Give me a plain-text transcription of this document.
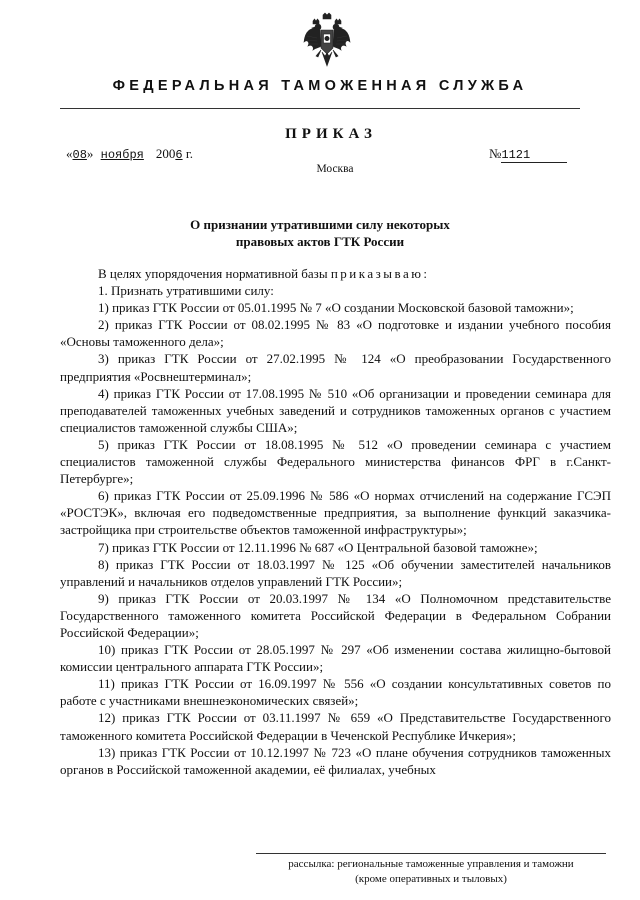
ФЕДЕРАЛЬНАЯ ТАМОЖЕННАЯ СЛУЖБА
ПРИКАЗ
«08» ноября 2006 г.	№1121
Москва
О признании утратившими силу некоторых
правовых актов ГТК России

В целях упорядочения нормативной базы приказываю:

1. Признать утратившими силу:

1) приказ ГТК России от 05.01.1995 № 7 «О создании Московской базовой таможни»;

2) приказ ГТК России от 08.02.1995 № 83 «О подготовке и издании учебного пособия «Основы таможенного дела»;

3) приказ ГТК России от 27.02.1995 № 124 «О преобразовании Государственного предприятия «Росвнештерминал»;

4) приказ ГТК России от 17.08.1995 № 510 «Об организации и проведении семинара для преподавателей таможенных учебных заведений и сотрудников таможенных органов с участием специалистов таможенной службы США»;

5) приказ ГТК России от 18.08.1995 № 512 «О проведении семинара с участием специалистов таможенной службы Федерального министерства финансов ФРГ в г.Санкт-Петербурге»;

6) приказ ГТК России от 25.09.1996 № 586 «О нормах отчислений на содержание ГСЭП «РОСТЭК», включая его подведомственные предприятия, за выполнение функций заказчика-застройщика при строительстве объектов таможенной инфраструктуры»;

7) приказ ГТК России от 12.11.1996 № 687 «О Центральной базовой таможне»;

8) приказ ГТК России от 18.03.1997 № 125 «Об обучении заместителей начальников управлений и начальников отделов управлений ГТК России»;

9) приказ ГТК России от 20.03.1997 № 134 «О Полномочном представительстве Государственного таможенного комитета Российской Федерации в Федеральном Собрании Российской Федерации»;

10) приказ ГТК России от 28.05.1997 № 297 «Об изменении состава жилищно-бытовой комиссии центрального аппарата ГТК России»;

11) приказ ГТК России от 16.09.1997 № 556 «О создании консультативных советов по работе с участниками внешнеэкономических связей»;

12) приказ ГТК России от 03.11.1997 № 659 «О Представительстве Государственного таможенного комитета Российской Федерации в Чеченской Республике Ичкерия»;

13) приказ ГТК России от 10.12.1997 № 723 «О плане обучения сотрудников таможенных органов в Российской таможенной академии, её филиалах, учебных

рассылка: региональные таможенные управления и таможни
(кроме оперативных и тыловых)
